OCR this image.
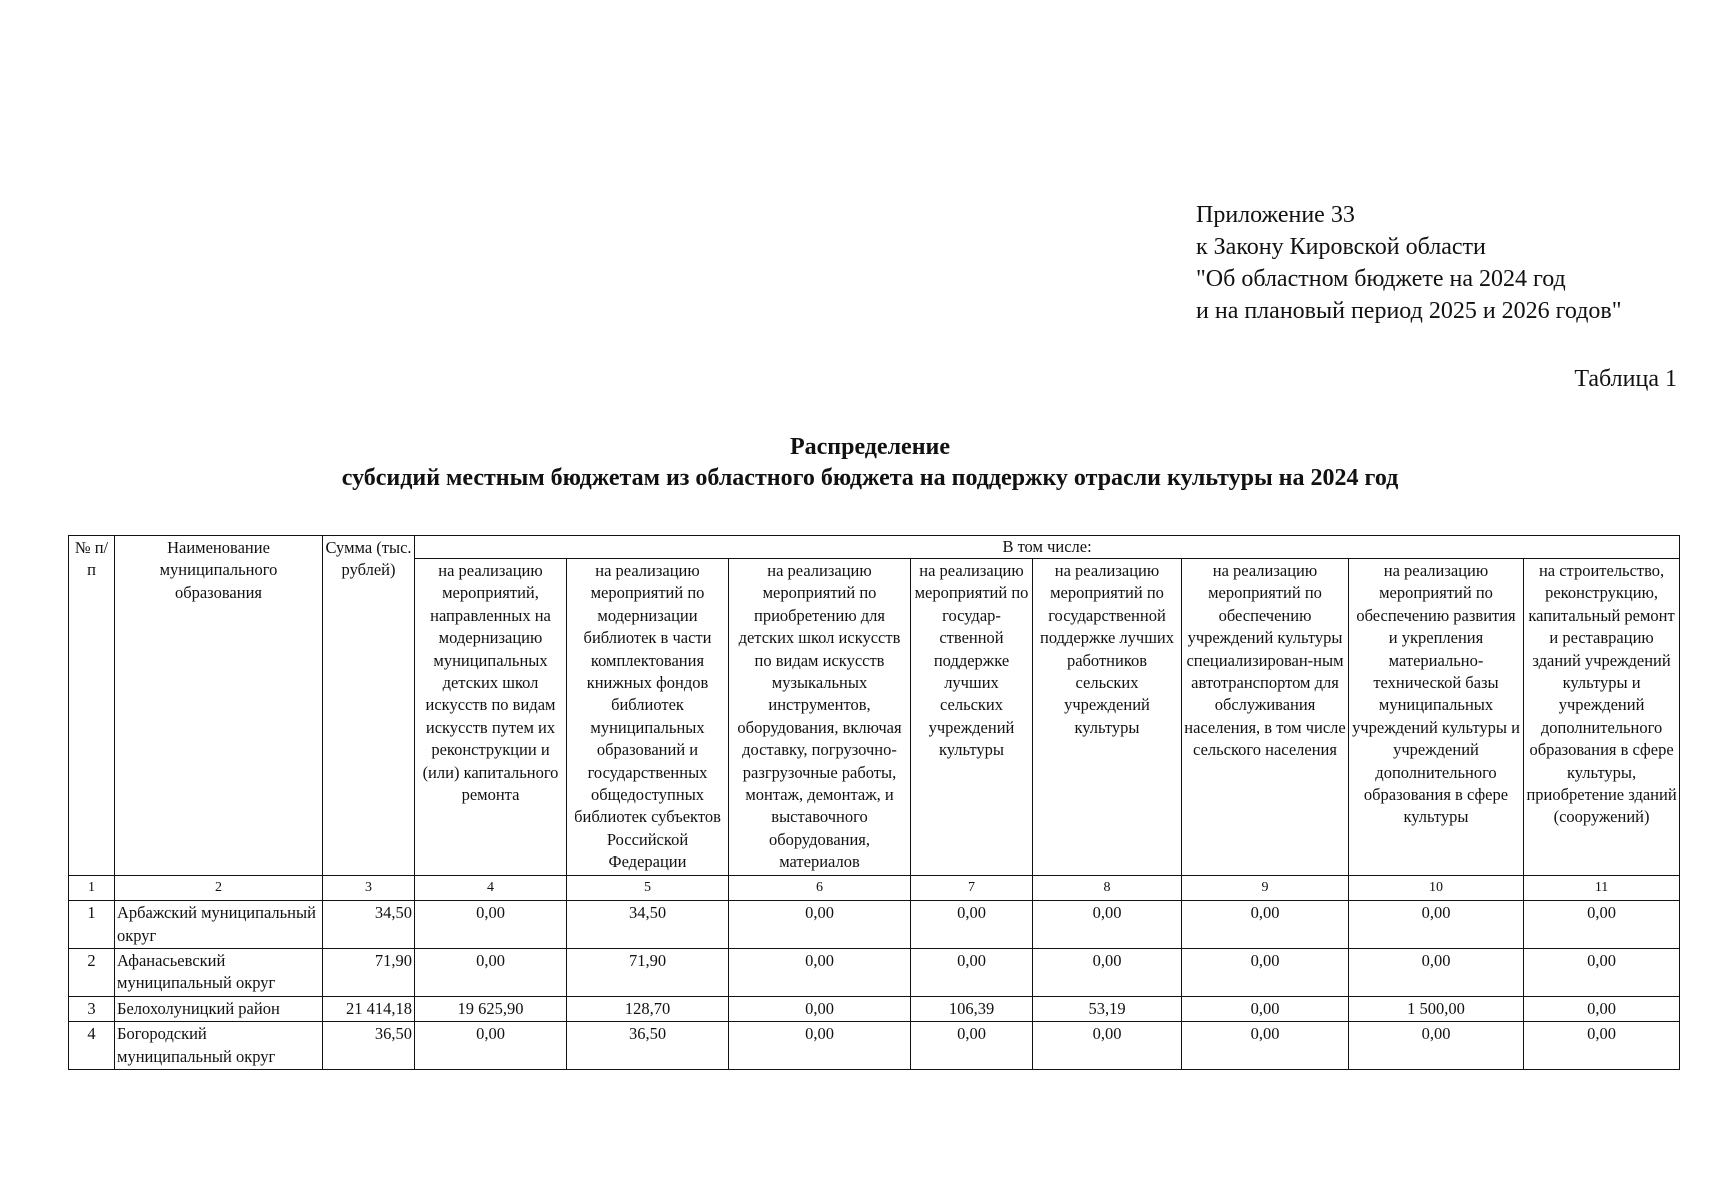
Приложение 33
к Закону Кировской области
"Об областном бюджете на 2024 год
и на плановый период 2025 и 2026 годов"
Таблица 1
Распределение
субсидий местным бюджетам из областного бюджета на поддержку отрасли культуры на 2024 год
№ п/п	Наименование муниципального образования	Сумма (тыс. рублей)	В том числе:							
			на реализацию мероприятий, направленных на модернизацию муниципальных детских школ искусств по видам искусств путем их реконструкции и (или) капитального ремонта	на реализацию мероприятий по модернизации библиотек в части комплектования книжных фондов библиотек муниципальных образований и государственных общедоступных библиотек субъектов Российской Федерации	на реализацию мероприятий по приобретению для детских школ искусств по видам искусств музыкальных инструментов, оборудования, включая доставку, погрузочно-разгрузочные работы, монтаж, демонтаж, и выставочного оборудования, материалов	на реализацию мероприятий по государ-ственной поддержке лучших сельских учреждений культуры	на реализацию мероприятий по государственной поддержке лучших работников сельских учреждений культуры	на реализацию мероприятий по обеспечению учреждений культуры специализирован-ным автотранспортом для обслуживания населения, в том числе сельского населения	на реализацию мероприятий по обеспечению развития и укрепления материально-технической базы муниципальных учреждений культуры и учреждений дополнительного образования в сфере культуры	на строительство, реконструкцию, капитальный ремонт и реставрацию зданий учреждений культуры и учреждений дополнительного образования в сфере культуры, приобретение зданий (сооружений)
1	2	3	4	5	6	7	8	9	10	11
1	Арбажский муниципальный округ	34,50	0,00	34,50	0,00	0,00	0,00	0,00	0,00	0,00
2	Афанасьевский муниципальный округ	71,90	0,00	71,90	0,00	0,00	0,00	0,00	0,00	0,00
3	Белохолуницкий район	21 414,18	19 625,90	128,70	0,00	106,39	53,19	0,00	1 500,00	0,00
4	Богородский муниципальный округ	36,50	0,00	36,50	0,00	0,00	0,00	0,00	0,00	0,00
